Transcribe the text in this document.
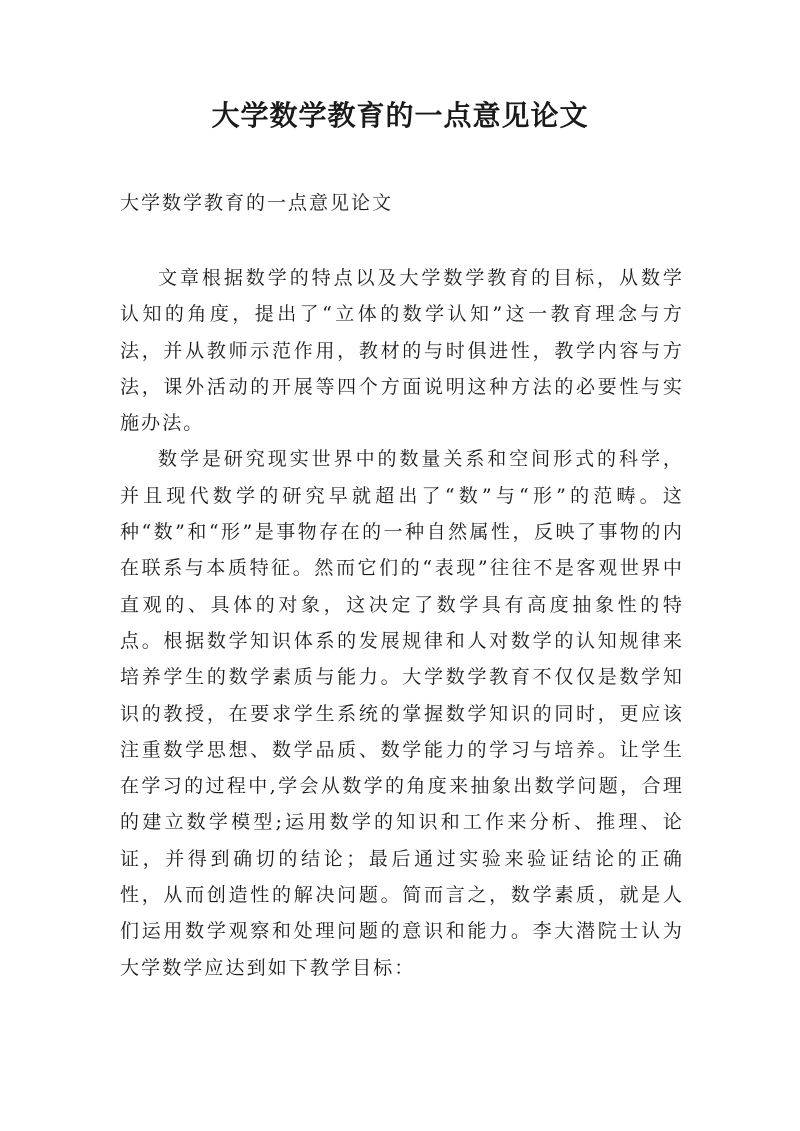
大学数学教育的一点意见论文

大学数学教育的一点意见论文

文章根据数学的特点以及大学数学教育的目标，从数学认知的角度，提出了“立体的数学认知”这一教育理念与方法，并从教师示范作用，教材的与时俱进性，教学内容与方法，课外活动的开展等四个方面说明这种方法的必要性与实施办法。

数学是研究现实世界中的数量关系和空间形式的科学，并且现代数学的研究早就超出了“数”与“形”的范畴。这种“数”和“形”是事物存在的一种自然属性，反映了事物的内在联系与本质特征。然而它们的“表现”往往不是客观世界中直观的、具体的对象，这决定了数学具有高度抽象性的特点。根据数学知识体系的发展规律和人对数学的认知规律来培养学生的数学素质与能力。大学数学教育不仅仅是数学知识的教授，在要求学生系统的掌握数学知识的同时，更应该注重数学思想、数学品质、数学能力的学习与培养。让学生在学习的过程中,学会从数学的角度来抽象出数学问题，合理的建立数学模型;运用数学的知识和工作来分析、推理、论证，并得到确切的结论；最后通过实验来验证结论的正确性，从而创造性的解决问题。简而言之，数学素质，就是人们运用数学观察和处理问题的意识和能力。李大潜院士认为大学数学应达到如下教学目标：
